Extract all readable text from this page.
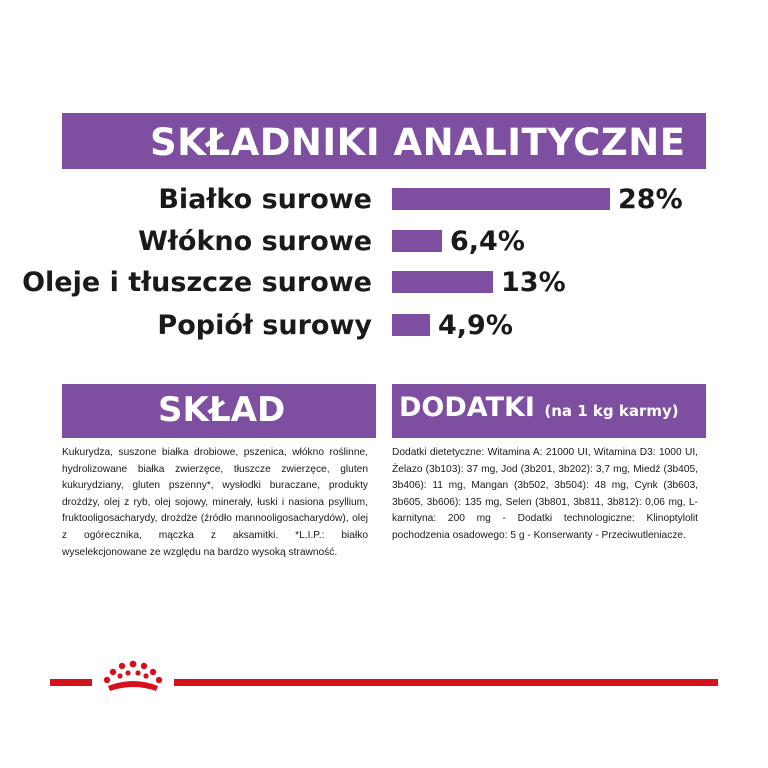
SKŁADNIKI ANALITYCZNE
Białko surowe	28%
Włókno surowe	6,4%
Oleje i tłuszcze surowe	13%
Popiół surowy 4,9%
SKŁAD	DODATKI (na 1 kg karmy)
Kukurydza, suszone białka drobiowe, pszenica, włókno roślinne, hydrolizowane białka zwierzęce, tłuszcze zwierzęce, gluten kukurydziany, gluten pszenny*, wysłodki buraczane, produkty drożdży, olej z ryb, olej sojowy, minerały, łuski i nasiona psyllium, fruktooligosacharydy, drożdże (źródło mannooligosacharydów), olej z ogórecznika, mączka z aksamitki. *L.I.P.: białko wyselekcjonowane ze względu na bardzo wysoką strawność.
Dodatki dietetyczne: Witamina A: 21000 UI, Witamina D3: 1000 UI, Żelazo (3b103): 37 mg, Jod (3b201, 3b202): 3,7 mg, Miedź (3b405, 3b406): 11 mg, Mangan (3b502, 3b504): 48 mg, Cynk (3b603, 3b605, 3b606): 135 mg, Selen (3b801, 3b811, 3b812): 0,06 mg, L-karnityna: 200 mg - Dodatki technologiczne: Klinoptylolit pochodzenia osadowego: 5 g - Konserwanty - Przeciwutleniacze.
